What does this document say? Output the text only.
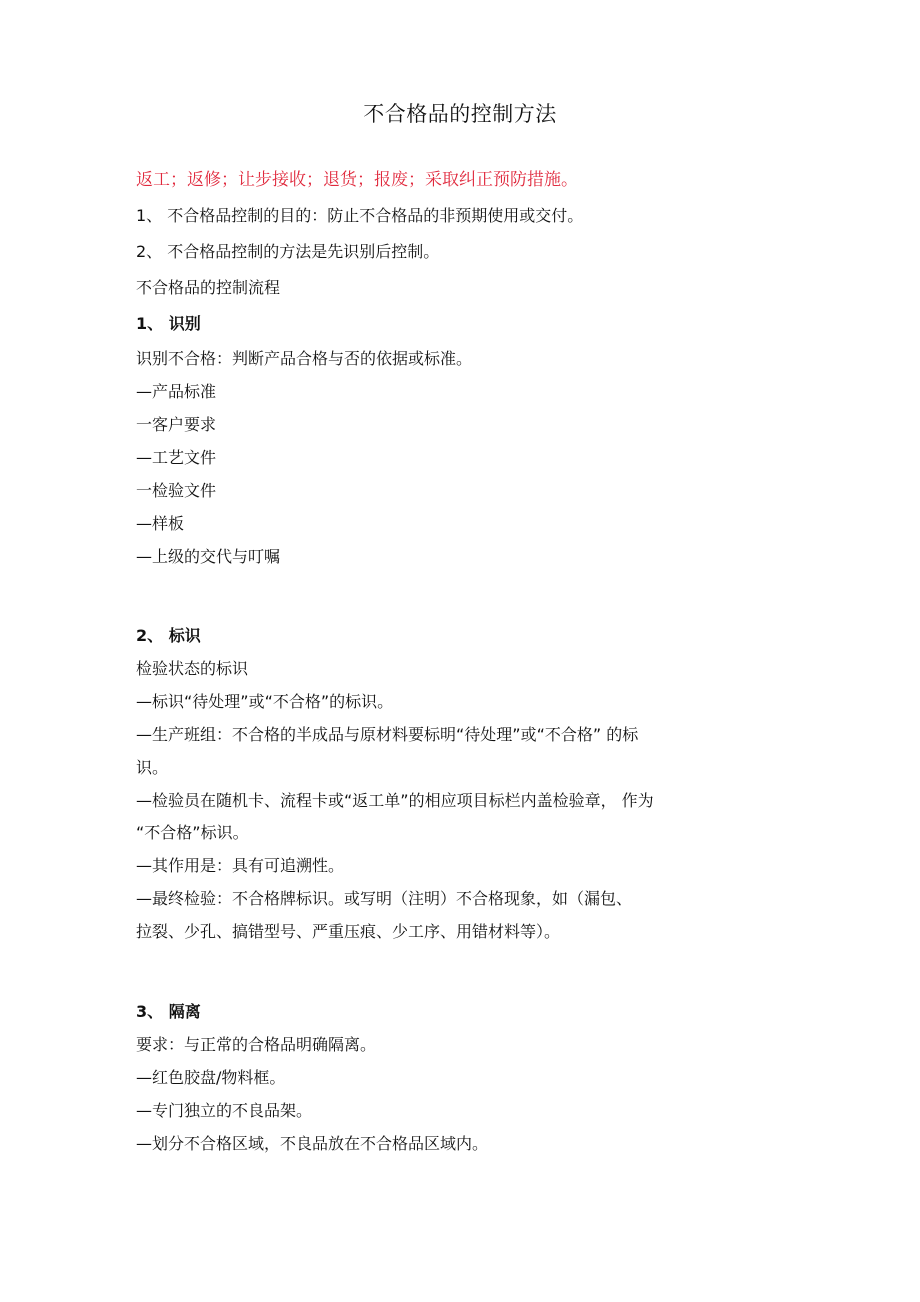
不合格品的控制方法
返工；返修；让步接收；退货；报废；采取纠正预防措施。
1、 不合格品控制的目的：防止不合格品的非预期使用或交付。
2、 不合格品控制的方法是先识别后控制。
不合格品的控制流程
1、 识别
识别不合格：判断产品合格与否的依据或标准。
—产品标准
一客户要求
—工艺文件
一检验文件
—样板
—上级的交代与叮嘱
2、 标识
检验状态的标识
—标识“待处理”或“不合格”的标识。
—生产班组：不合格的半成品与原材料要标明“待处理”或“不合格” 的标
识。
—检验员在随机卡、流程卡或“返工单”的相应项目标栏内盖检验章， 作为
“不合格”标识。
—其作用是：具有可追溯性。
—最终检验：不合格牌标识。或写明（注明）不合格现象，如（漏包、
拉裂、少孔、搞错型号、严重压痕、少工序、用错材料等）。
3、 隔离
要求：与正常的合格品明确隔离。
—红色胶盘/物料框。
—专门独立的不良品架。
—划分不合格区域，不良品放在不合格品区域内。
